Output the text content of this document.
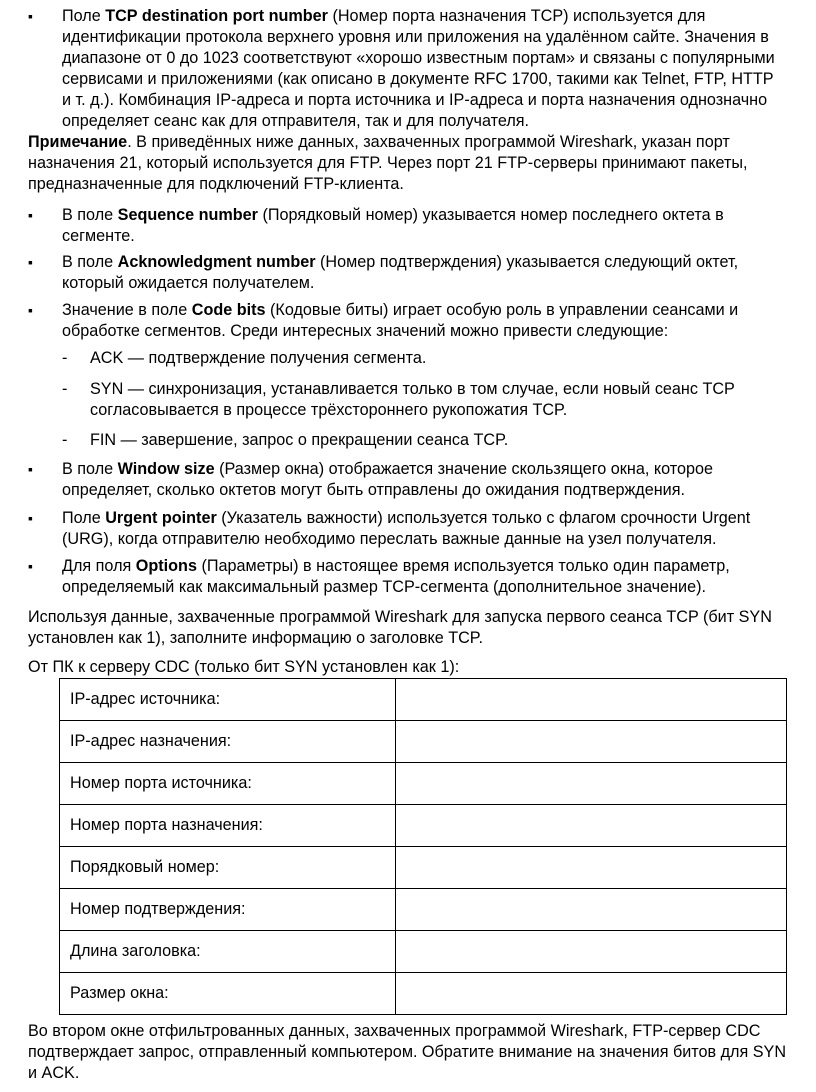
▪ Поле TCP destination port number (Номер порта назначения TCP) используется для идентификации протокола верхнего уровня или приложения на удалённом сайте. Значения в диапазоне от 0 до 1023 соответствуют «хорошо известным портам» и связаны с популярными сервисами и приложениями (как описано в документе RFC 1700, такими как Telnet, FTP, HTTP и т. д.). Комбинация IP-адреса и порта источника и IP-адреса и порта назначения однозначно определяет сеанс как для отправителя, так и для получателя.

Примечание. В приведённых ниже данных, захваченных программой Wireshark, указан порт назначения 21, который используется для FTP. Через порт 21 FTP-серверы принимают пакеты, предназначенные для подключений FTP-клиента.

▪ В поле Sequence number (Порядковый номер) указывается номер последнего октета в сегменте.

▪ В поле Acknowledgment number (Номер подтверждения) указывается следующий октет, который ожидается получателем.

▪ Значение в поле Code bits (Кодовые биты) играет особую роль в управлении сеансами и обработке сегментов. Среди интересных значений можно привести следующие:

- ACK — подтверждение получения сегмента.

- SYN — синхронизация, устанавливается только в том случае, если новый сеанс TCP согласовывается в процессе трёхстороннего рукопожатия TCP.

- FIN — завершение, запрос о прекращении сеанса TCP.

▪ В поле Window size (Размер окна) отображается значение скользящего окна, которое определяет, сколько октетов могут быть отправлены до ожидания подтверждения.

▪ Поле Urgent pointer (Указатель важности) используется только с флагом срочности Urgent (URG), когда отправителю необходимо переслать важные данные на узел получателя.

▪ Для поля Options (Параметры) в настоящее время используется только один параметр, определяемый как максимальный размер TCP-сегмента (дополнительное значение).

Используя данные, захваченные программой Wireshark для запуска первого сеанса TCP (бит SYN установлен как 1), заполните информацию о заголовке TCP.

От ПК к серверу CDC (только бит SYN установлен как 1):

IP-адрес источника:	
IP-адрес назначения:	
Номер порта источника:	
Номер порта назначения:	
Порядковый номер:	
Номер подтверждения:	
Длина заголовка:	
Размер окна:	

Во втором окне отфильтрованных данных, захваченных программой Wireshark, FTP-сервер CDC подтверждает запрос, отправленный компьютером. Обратите внимание на значения битов для SYN и ACK.
